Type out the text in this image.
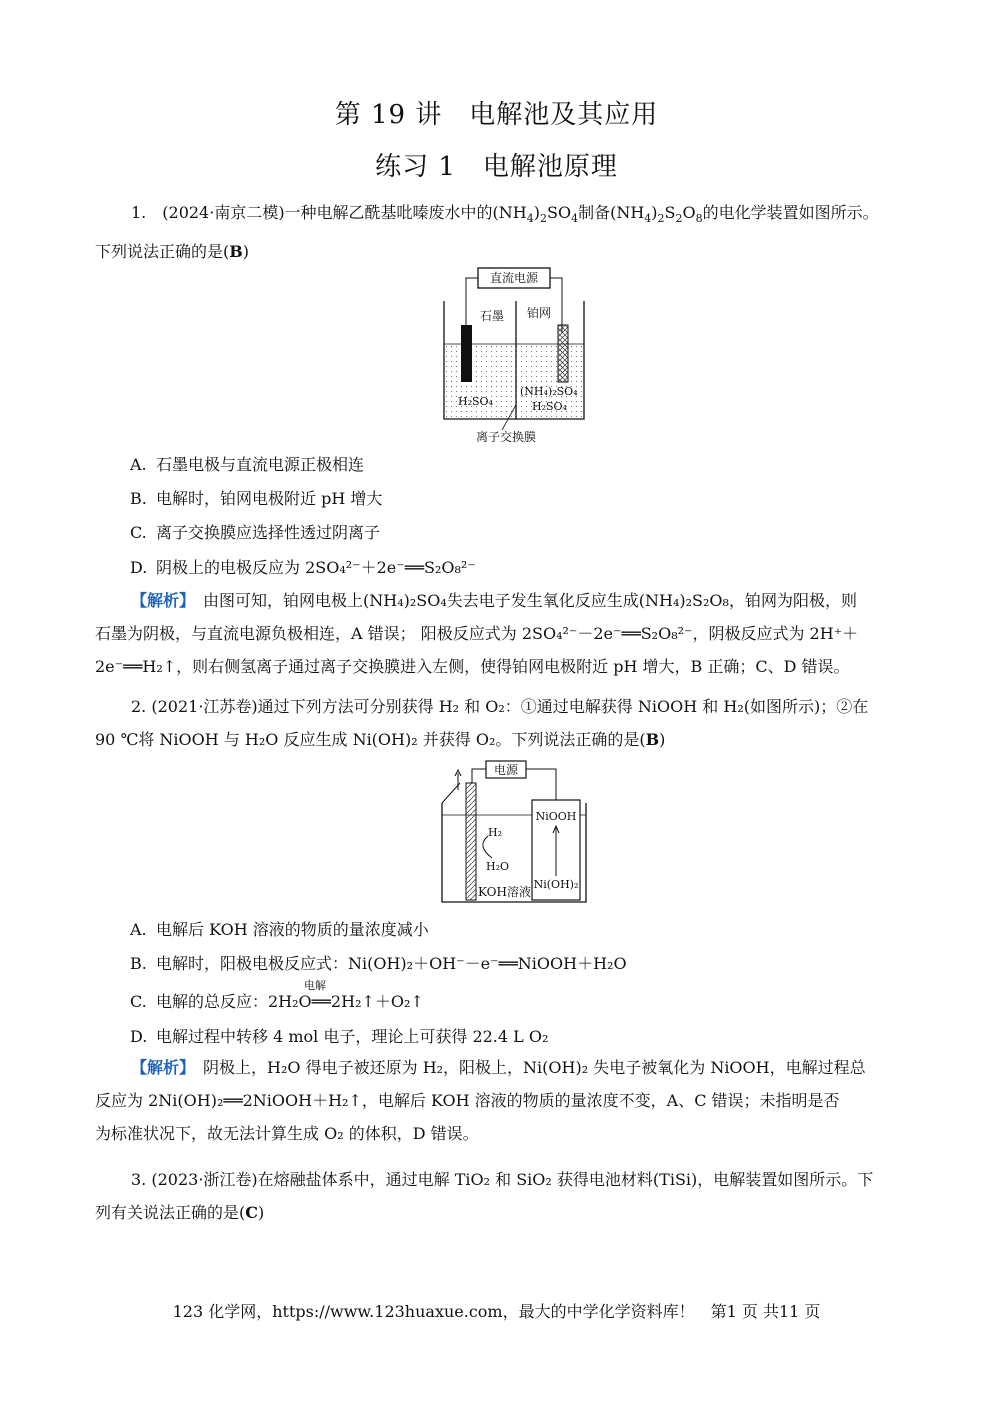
第 19 讲　电解池及其应用
练习 1　电解池原理
1.　(2024·南京二模)一种电解乙酰基吡嗪废水中的$(NH_4)_2SO_4$制备$(NH_4)_2S_2O_8$的电化学装置如图所示。
下列说法正确的是(B)
直流电源
石墨 铂网
H₂SO₄
(NH₄)₂SO₄
H₂SO₄
离子交换膜
A. 石墨电极与直流电源正极相连
B. 电解时，铂网电极附近 pH 增大
C. 离子交换膜应选择性透过阴离子
D. 阴极上的电极反应为 2SO₄²⁻＋2e⁻══S₂O₈²⁻
【解析】　 由图可知，铂网电极上(NH₄)₂SO₄失去电子发生氧化反应生成(NH₄)₂S₂O₈，铂网为阳极，则
石墨为阴极，与直流电源负极相连，A 错误； 阳极反应式为 2SO₄²⁻－2e⁻══S₂O₈²⁻，阴极反应式为 2H⁺＋
2e⁻══H₂↑，则右侧氢离子通过离子交换膜进入左侧，使得铂网电极附近 pH 增大，B 正确；C、D 错误。
2. (2021·江苏卷)通过下列方法可分别获得 H₂ 和 O₂：①通过电解获得 NiOOH 和 H₂(如图所示)；②在
90 ℃将 NiOOH 与 H₂O 反应生成 Ni(OH)₂ 并获得 O₂。下列说法正确的是(B)
电源
NiOOH
Ni(OH)₂
H₂
H₂O
KOH溶液
A. 电解后 KOH 溶液的物质的量浓度减小
B. 电解时，阳极电极反应式：Ni(OH)₂＋OH⁻－e⁻══NiOOH＋H₂O
C. 电解的总反应：2H₂O══2H₂↑＋O₂↑
电解
D. 电解过程中转移 4 mol 电子，理论上可获得 22.4 L O₂
【解析】　 阴极上，H₂O 得电子被还原为 H₂，阳极上，Ni(OH)₂ 失电子被氧化为 NiOOH，电解过程总
反应为 2Ni(OH)₂══2NiOOH＋H₂↑，电解后 KOH 溶液的物质的量浓度不变，A、C 错误；未指明是否
为标准状况下，故无法计算生成 O₂ 的体积，D 错误。
3. (2023·浙江卷)在熔融盐体系中，通过电解 TiO₂ 和 SiO₂ 获得电池材料(TiSi)，电解装置如图所示。下
列有关说法正确的是(C)
123 化学网，https://www.123huaxue.com，最大的中学化学资料库！　第1 页 共11 页
